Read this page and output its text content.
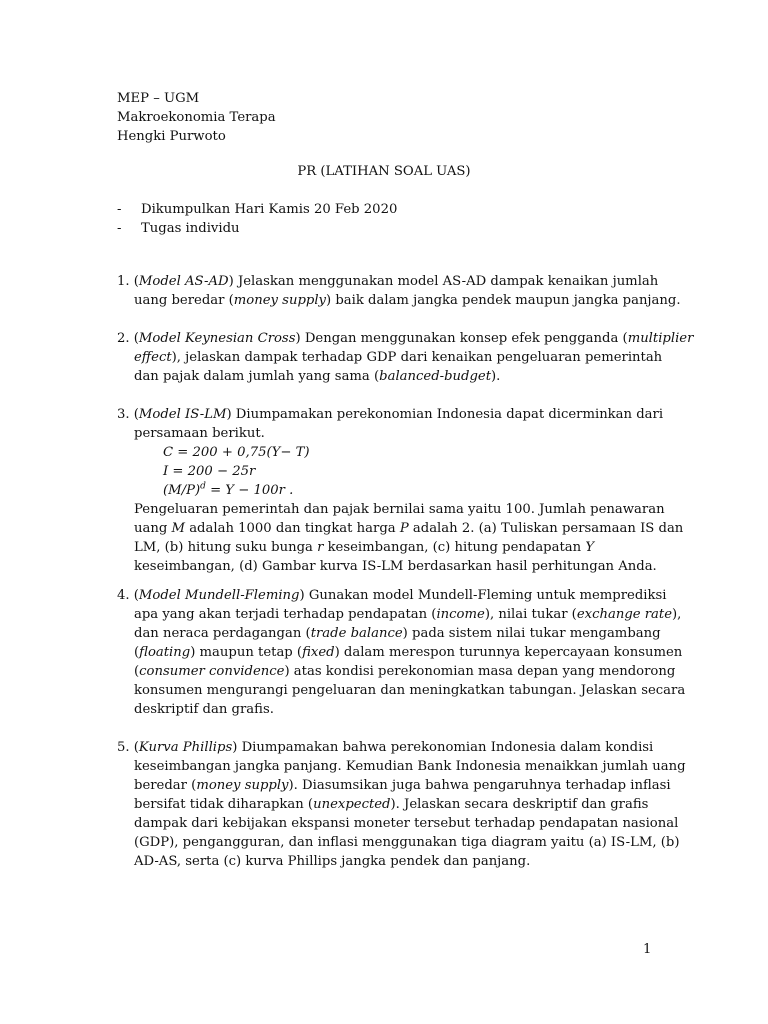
MEP – UGM
Makroekonomia Terapa
Hengki Purwoto
PR (LATIHAN SOAL UAS)
- Dikumpulkan Hari Kamis 20 Feb 2020
- Tugas individu
1. (Model AS-AD) Jelaskan menggunakan model AS-AD dampak kenaikan jumlah
uang beredar (money supply) baik dalam jangka pendek maupun jangka panjang.
2. (Model Keynesian Cross) Dengan menggunakan konsep efek pengganda (multiplier
effect), jelaskan dampak terhadap GDP dari kenaikan pengeluaran pemerintah
dan pajak dalam jumlah yang sama (balanced-budget).
3. (Model IS-LM) Diumpamakan perekonomian Indonesia dapat dicerminkan dari
persamaan berikut.
C = 200 + 0,75(Y− T)
I = 200 − 25r
$(M/P)^d = Y - 100r$ .
Pengeluaran pemerintah dan pajak bernilai sama yaitu 100. Jumlah penawaran
uang M adalah 1000 dan tingkat harga P adalah 2. (a) Tuliskan persamaan IS dan
LM, (b) hitung suku bunga r keseimbangan, (c) hitung pendapatan Y
keseimbangan, (d) Gambar kurva IS-LM berdasarkan hasil perhitungan Anda.
4. (Model Mundell-Fleming) Gunakan model Mundell-Fleming untuk memprediksi
apa yang akan terjadi terhadap pendapatan (income), nilai tukar (exchange rate),
dan neraca perdagangan (trade balance) pada sistem nilai tukar mengambang
(floating) maupun tetap (fixed) dalam merespon turunnya kepercayaan konsumen
(consumer convidence) atas kondisi perekonomian masa depan yang mendorong
konsumen mengurangi pengeluaran dan meningkatkan tabungan. Jelaskan secara
deskriptif dan grafis.
5. (Kurva Phillips) Diumpamakan bahwa perekonomian Indonesia dalam kondisi
keseimbangan jangka panjang. Kemudian Bank Indonesia menaikkan jumlah uang
beredar (money supply). Diasumsikan juga bahwa pengaruhnya terhadap inflasi
bersifat tidak diharapkan (unexpected). Jelaskan secara deskriptif dan grafis
dampak dari kebijakan ekspansi moneter tersebut terhadap pendapatan nasional
(GDP), pengangguran, dan inflasi menggunakan tiga diagram yaitu (a) IS-LM, (b)
AD-AS, serta (c) kurva Phillips jangka pendek dan panjang.
1
